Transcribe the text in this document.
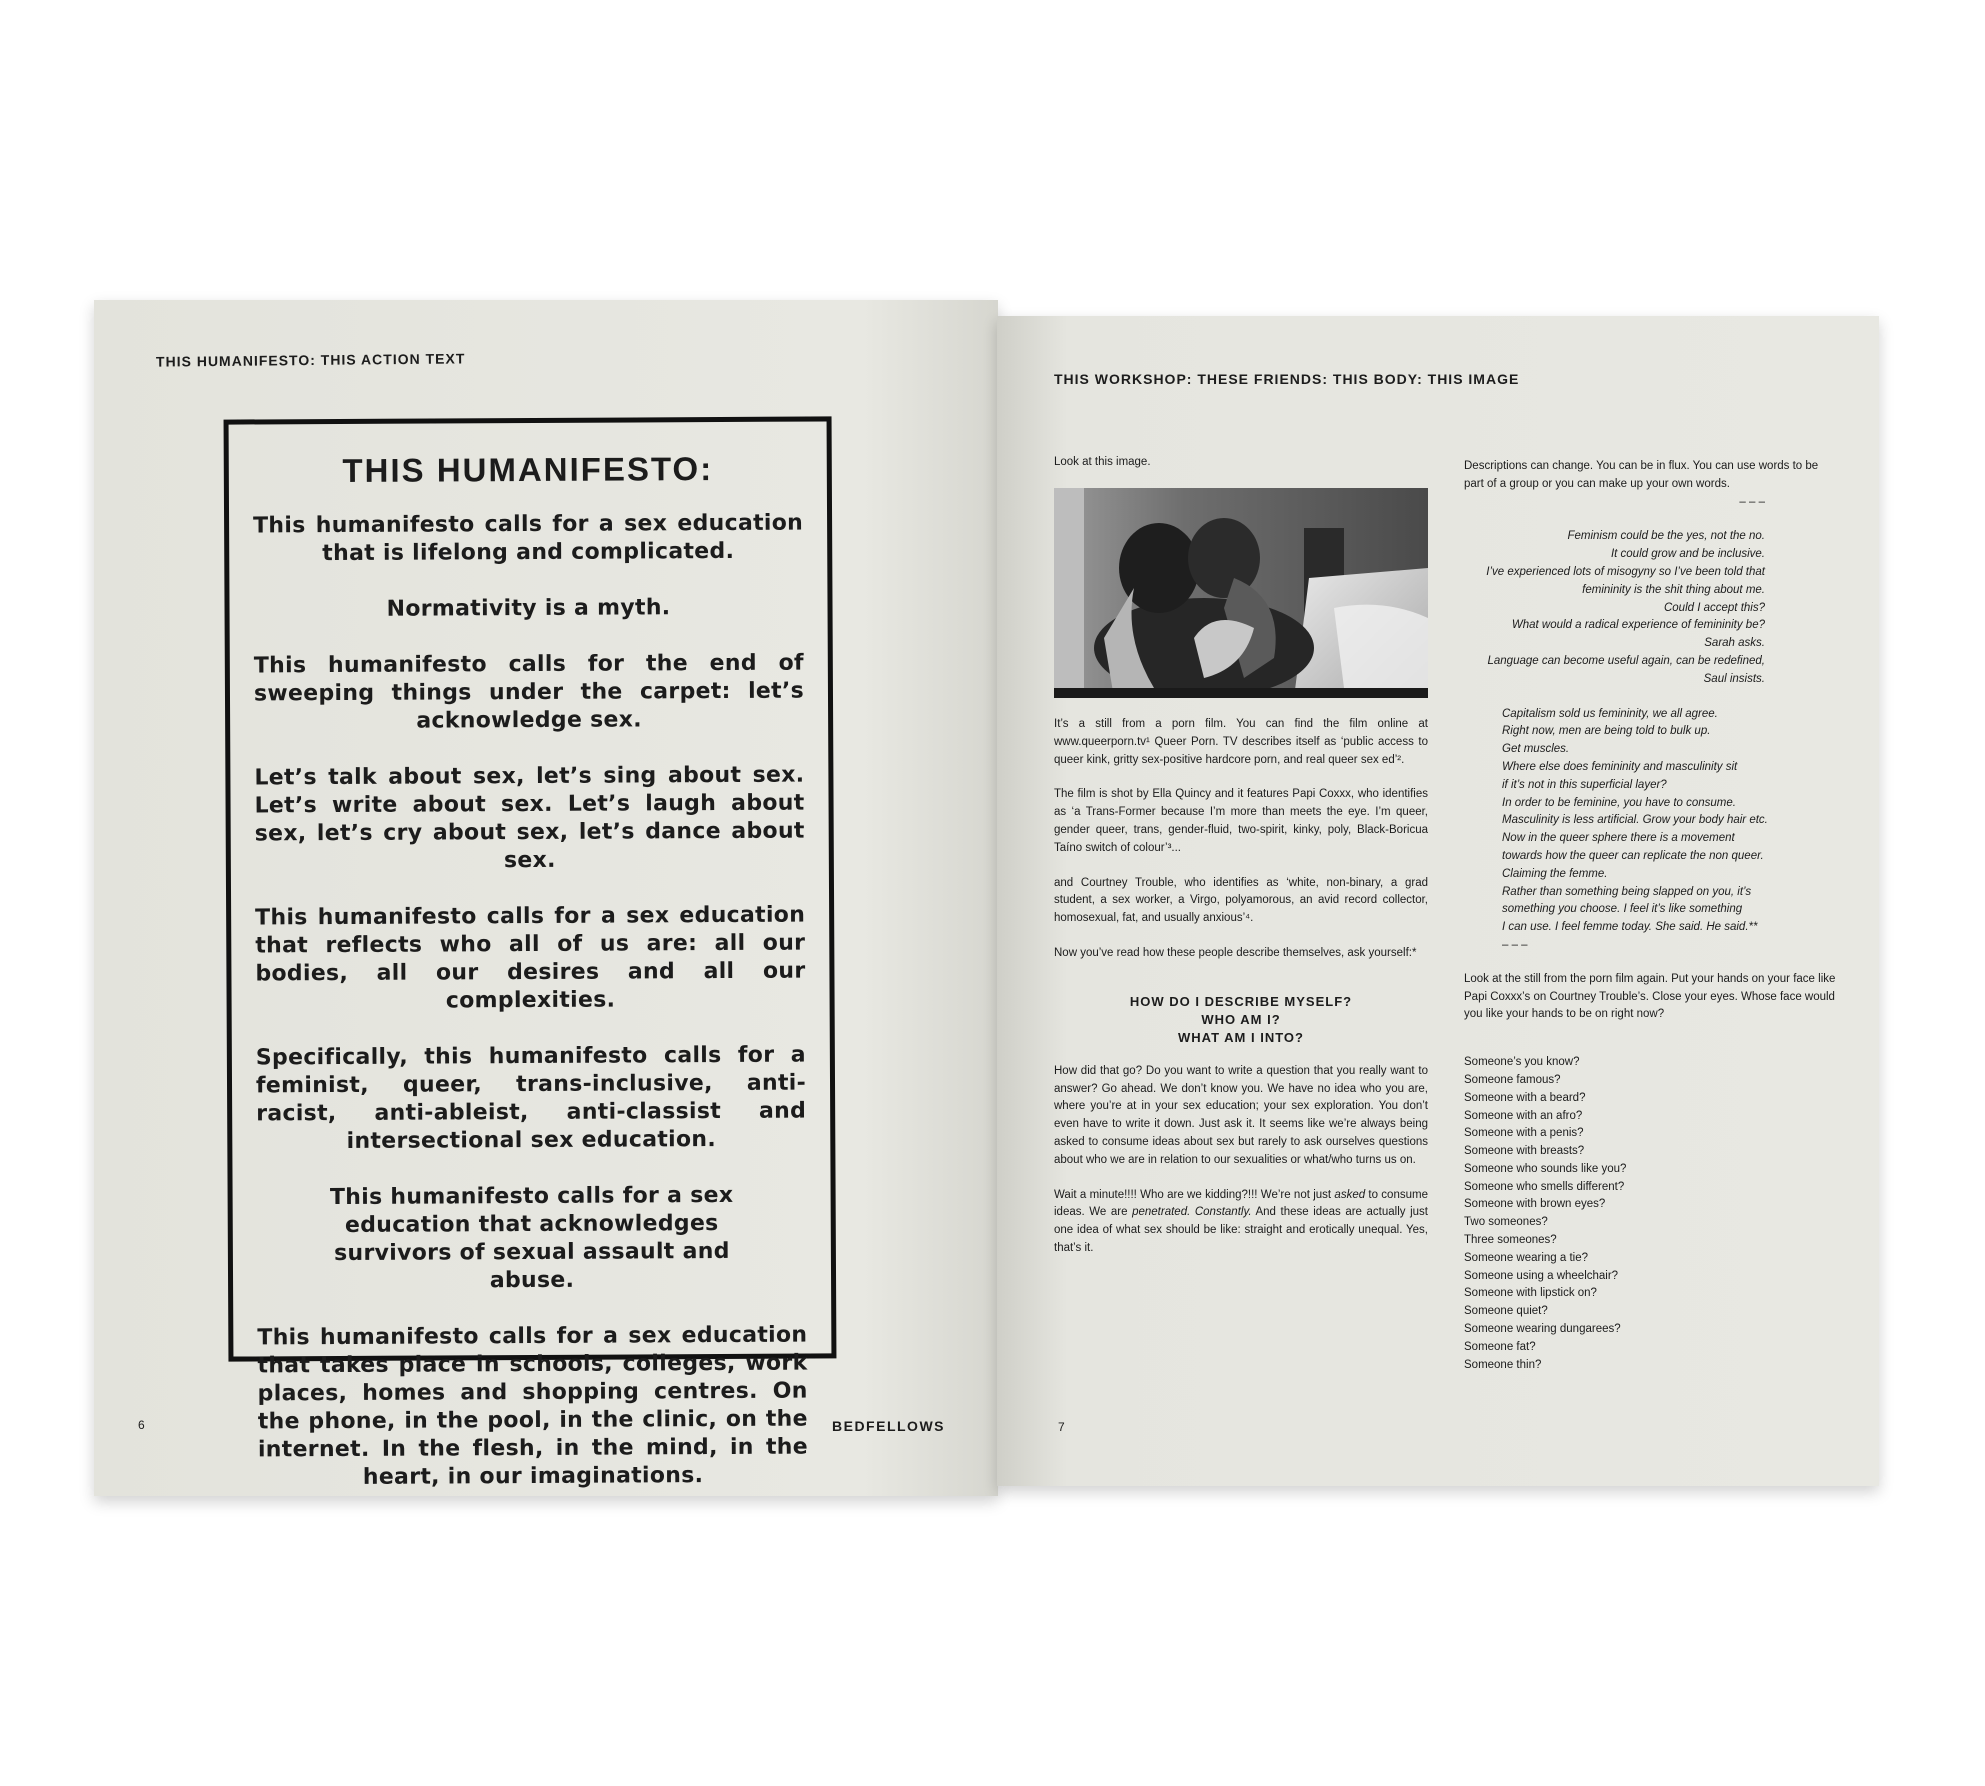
THIS HUMANIFESTO: THIS ACTION TEXT
THIS HUMANIFESTO:

This humanifesto calls for a sex education that is lifelong and complicated.

Normativity is a myth.

This humanifesto calls for the end of sweeping things under the carpet: let’s acknowledge sex.

Let’s talk about sex, let’s sing about sex. Let’s write about sex. Let’s laugh about sex, let’s cry about sex, let’s dance about sex.

This humanifesto calls for a sex education that reflects who all of us are: all our bodies, all our desires and all our complexities.

Specifically, this humanifesto calls for a feminist, queer, trans-inclusive, anti-racist, anti-ableist, anti-classist and intersectional sex education.

This humanifesto calls for a sex education that acknowledges survivors of sexual assault and abuse.

This humanifesto calls for a sex education that takes place in schools, colleges, work places, homes and shopping centres. On the phone, in the pool, in the clinic, on the internet. In the flesh, in the mind, in the heart, in our imaginations.

6	BEDFELLOWS
THIS WORKSHOP: THESE FRIENDS: THIS BODY: THIS IMAGE

Look at this image.

It’s a still from a porn film. You can find the film online at www.queerporn.tv¹ Queer Porn. TV describes itself as ‘public access to queer kink, gritty sex-positive hardcore porn, and real queer sex ed’².

The film is shot by Ella Quincy and it features Papi Coxxx, who identifies as ‘a Trans-Former because I’m more than meets the eye. I’m queer, gender queer, trans, gender-fluid, two-spirit, kinky, poly, Black-Boricua Taíno switch of colour’³...

and Courtney Trouble, who identifies as ‘white, non-binary, a grad student, a sex worker, a Virgo, polyamorous, an avid record collector, homosexual, fat, and usually anxious’⁴.

Now you’ve read how these people describe themselves, ask yourself:*

HOW DO I DESCRIBE MYSELF?
WHO AM I?
WHAT AM I INTO?

How did that go? Do you want to write a question that you really want to answer? Go ahead. We don’t know you. We have no idea who you are, where you’re at in your sex education; your sex exploration. You don’t even have to write it down. Just ask it. It seems like we’re always being asked to consume ideas about sex but rarely to ask ourselves questions about who we are in relation to our sexualities or what/who turns us on.

Wait a minute!!!! Who are we kidding?!!! We’re not just asked to consume ideas. We are penetrated. Constantly. And these ideas are actually just one idea of what sex should be like: straight and erotically unequal. Yes, that’s it.

Descriptions can change. You can be in flux. You can use words to be part of a group or you can make up your own words.

– – –

Feminism could be the yes, not the no.

It could grow and be inclusive.

I’ve experienced lots of misogyny so I’ve been told that

femininity is the shit thing about me.

Could I accept this?

What would a radical experience of femininity be?

Sarah asks.

Language can become useful again, can be redefined,

Saul insists.

Capitalism sold us femininity, we all agree.

Right now, men are being told to bulk up.

Get muscles.

Where else does femininity and masculinity sit

if it’s not in this superficial layer?

In order to be feminine, you have to consume.

Masculinity is less artificial. Grow your body hair etc.

Now in the queer sphere there is a movement

towards how the queer can replicate the non queer.

Claiming the femme.

Rather than something being slapped on you, it’s

something you choose. I feel it’s like something

I can use. I feel femme today. She said. He said.**

– – –

Look at the still from the porn film again. Put your hands on your face like Papi Coxxx’s on Courtney Trouble’s. Close your eyes. Whose face would you like your hands to be on right now?

Someone’s you know?

Someone famous?

Someone with a beard?

Someone with an afro?

Someone with a penis?

Someone with breasts?

Someone who sounds like you?

Someone who smells different?

Someone with brown eyes?

Two someones?

Three someones?

Someone wearing a tie?

Someone using a wheelchair?

Someone with lipstick on?

Someone quiet?

Someone wearing dungarees?

Someone fat?

Someone thin?

7
